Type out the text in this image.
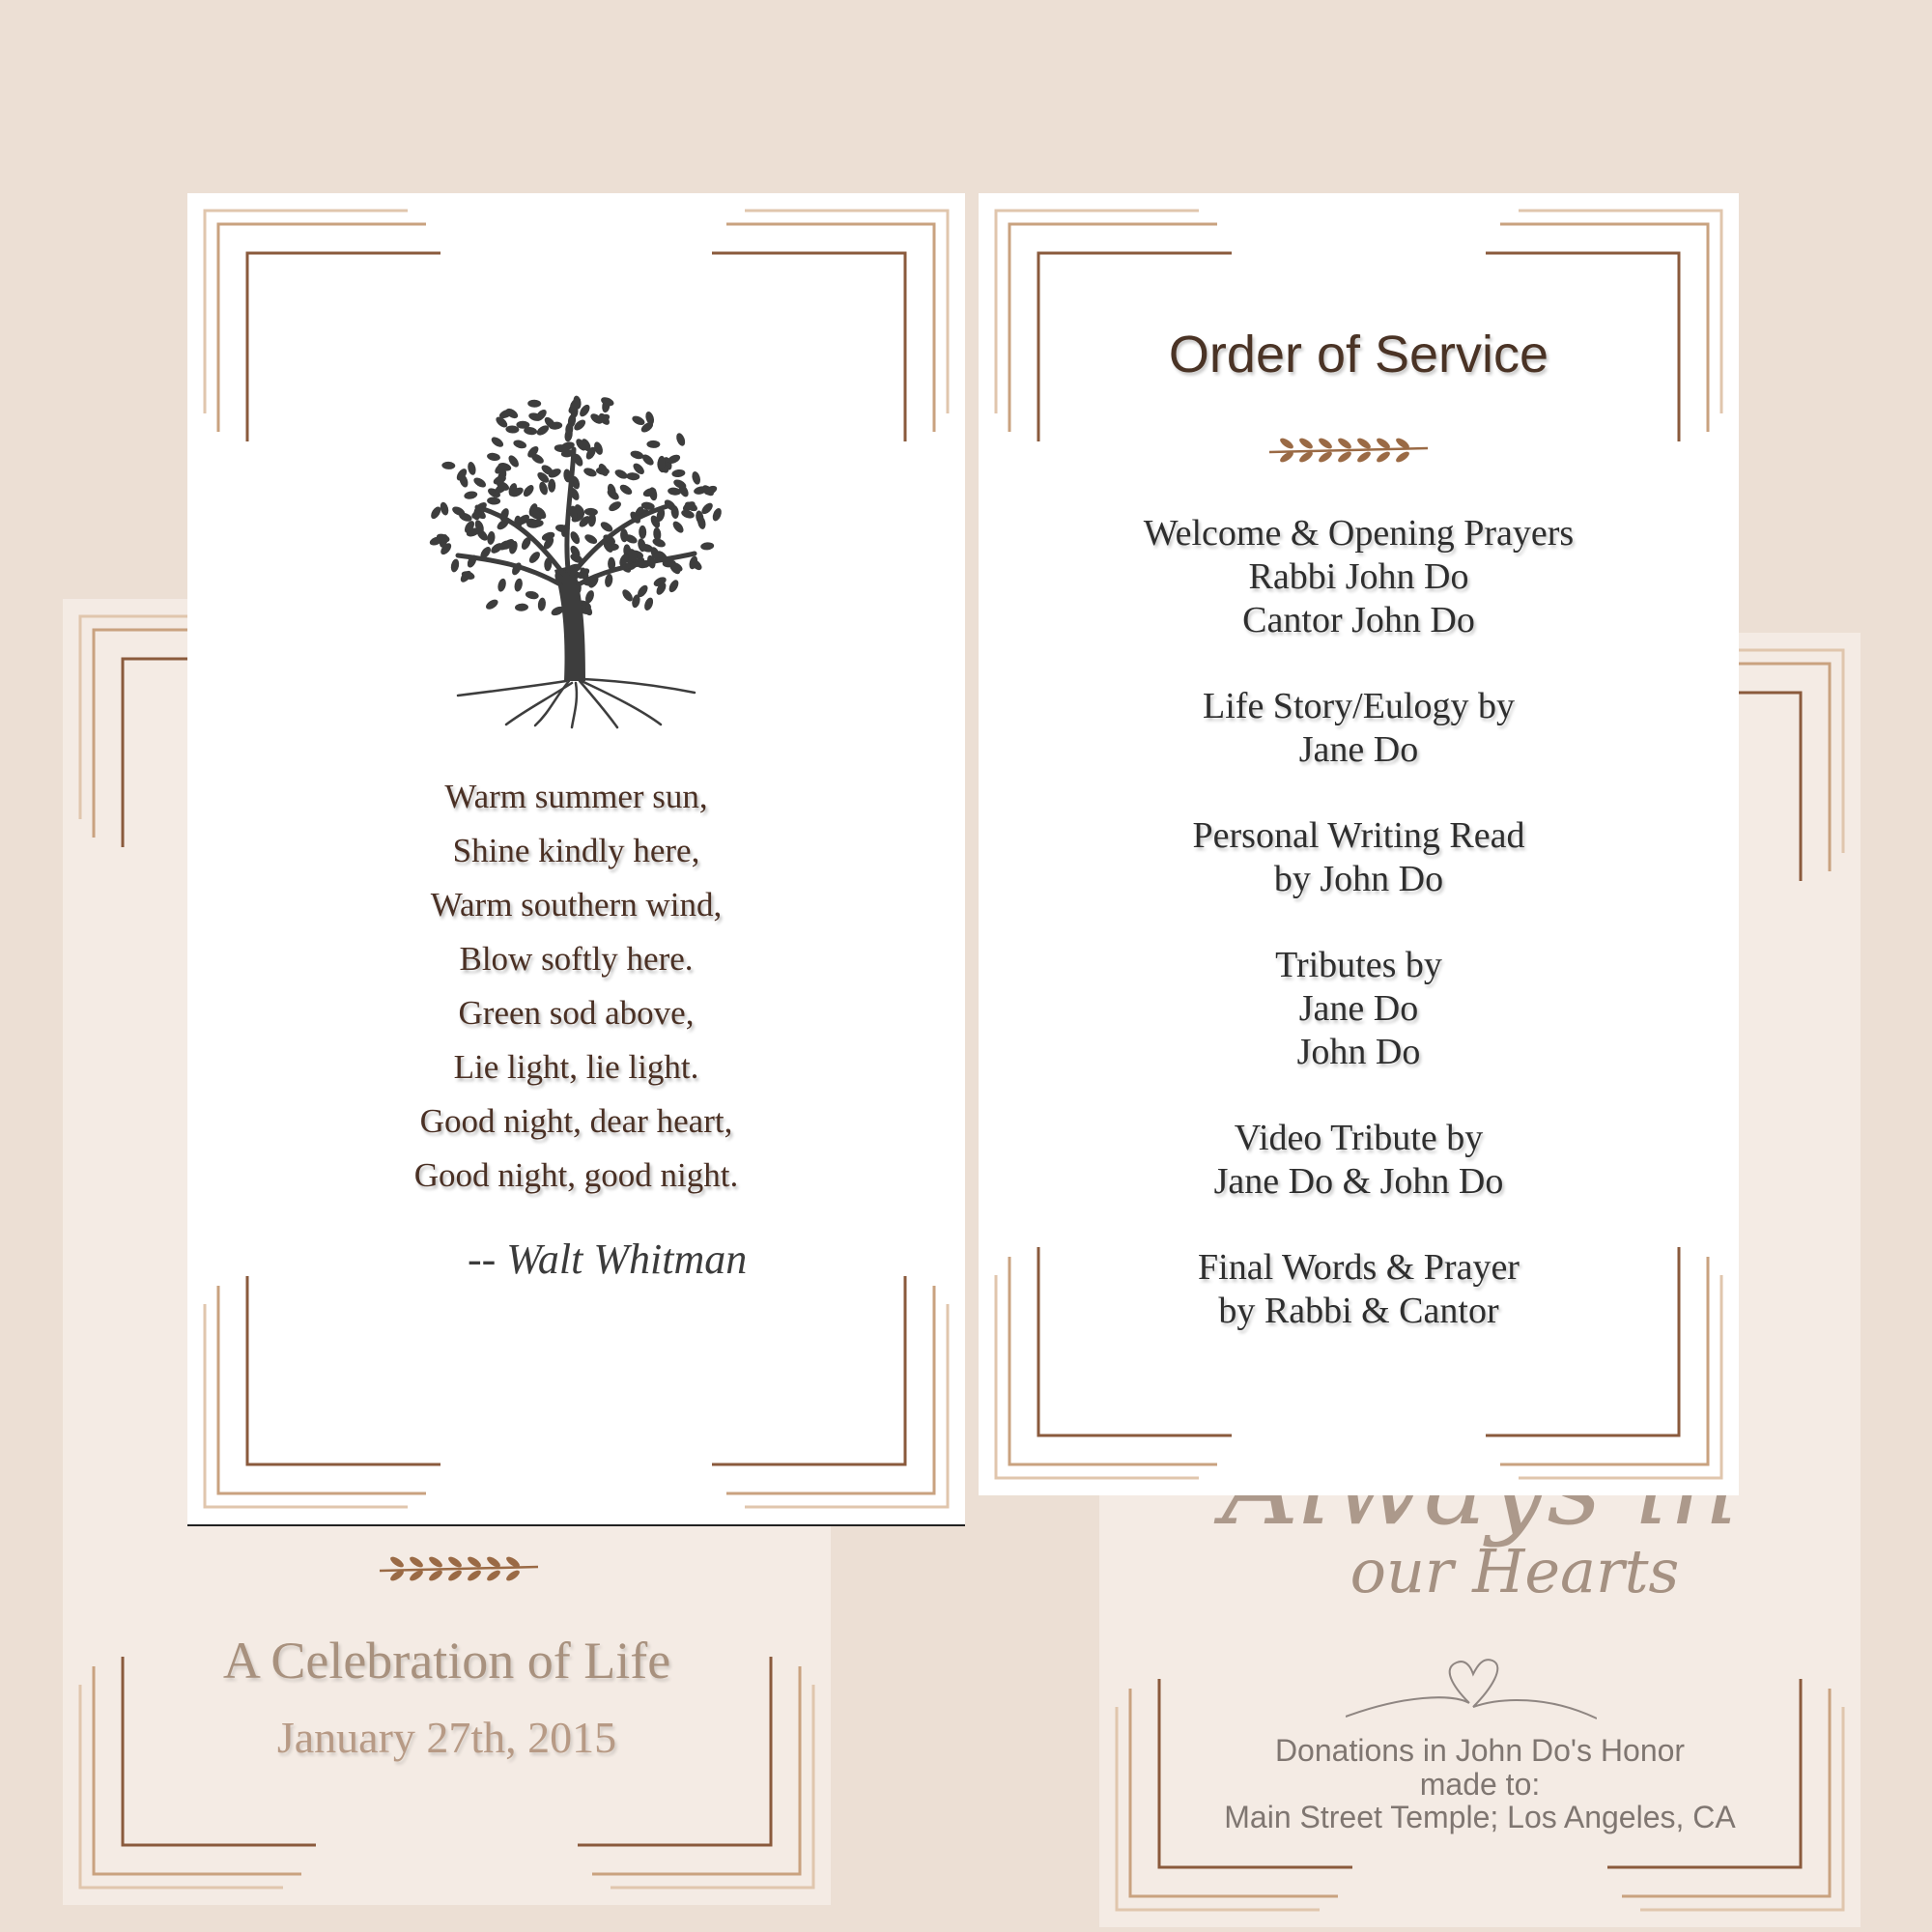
A Celebration of Life
January 27th, 2015
our Hearts
Donations in John Do's Honor
made to:
Main Street Temple; Los Angeles, CA
Warm summer sun,
Shine kindly here,
Warm southern wind,
Blow softly here.
Green sod above,
Lie light, lie light.
Good night, dear heart,
Good night, good night.
-- Walt Whitman
Order of Service
Welcome & Opening Prayers
Rabbi John Do
Cantor John Do
Life Story/Eulogy by
Jane Do
Personal Writing Read
by John Do
Tributes by
Jane Do
John Do
Video Tribute by
Jane Do & John Do
Final Words & Prayer
by Rabbi & Cantor
